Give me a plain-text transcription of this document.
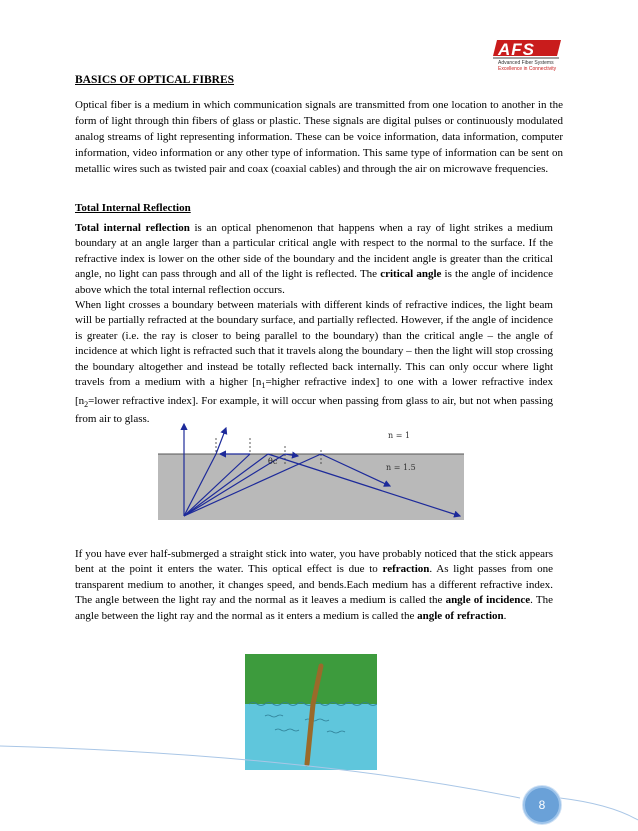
AFS
Advanced Fiber Systems
Excellence in Connectivity
BASICS OF OPTICAL FIBRES
Optical fiber is a medium in which communication signals are transmitted from one location to another in the form of light through thin fibers of glass or plastic. These signals are digital pulses or continuously modulated analog streams of light representing information. These can be voice information, data information, computer information, video information or any other type of information. This same type of information can be sent on metallic wires such as twisted pair and coax (coaxial cables) and through the air on microwave frequencies.
Total Internal Reflection
Total internal reflection is an optical phenomenon that happens when a ray of light strikes a medium boundary at an angle larger than a particular critical angle with respect to the normal to the surface. If the refractive index is lower on the other side of the boundary and the incident angle is greater than the critical angle, no light can pass through and all of the light is reflected. The critical angle is the angle of incidence above which the total internal reflection occurs.
When light crosses a boundary between materials with different kinds of refractive indices, the light beam will be partially refracted at the boundary surface, and partially reflected. However, if the angle of incidence is greater (i.e. the ray is closer to being parallel to the boundary) than the critical angle – the angle of incidence at which light is refracted such that it travels along the boundary – then the light will stop crossing the boundary altogether and instead be totally reflected back internally. This can only occur where light travels from a medium with a higher [$n_1=higher$ refractive index] to one with a lower refractive index [$n_2=lower$ refractive index]. For example, it will occur when passing from glass to air, but not when passing from air to glass.
θc
n = 1
n = 1.5
If you have ever half-submerged a straight stick into water, you have probably noticed that the stick appears bent at the point it enters the water. This optical effect is due to refraction. As light passes from one transparent medium to another, it changes speed, and bends.Each medium has a different refractive index. The angle between the light ray and the normal as it leaves a medium is called the angle of incidence. The angle between the light ray and the normal as it enters a medium is called the angle of refraction.
8
